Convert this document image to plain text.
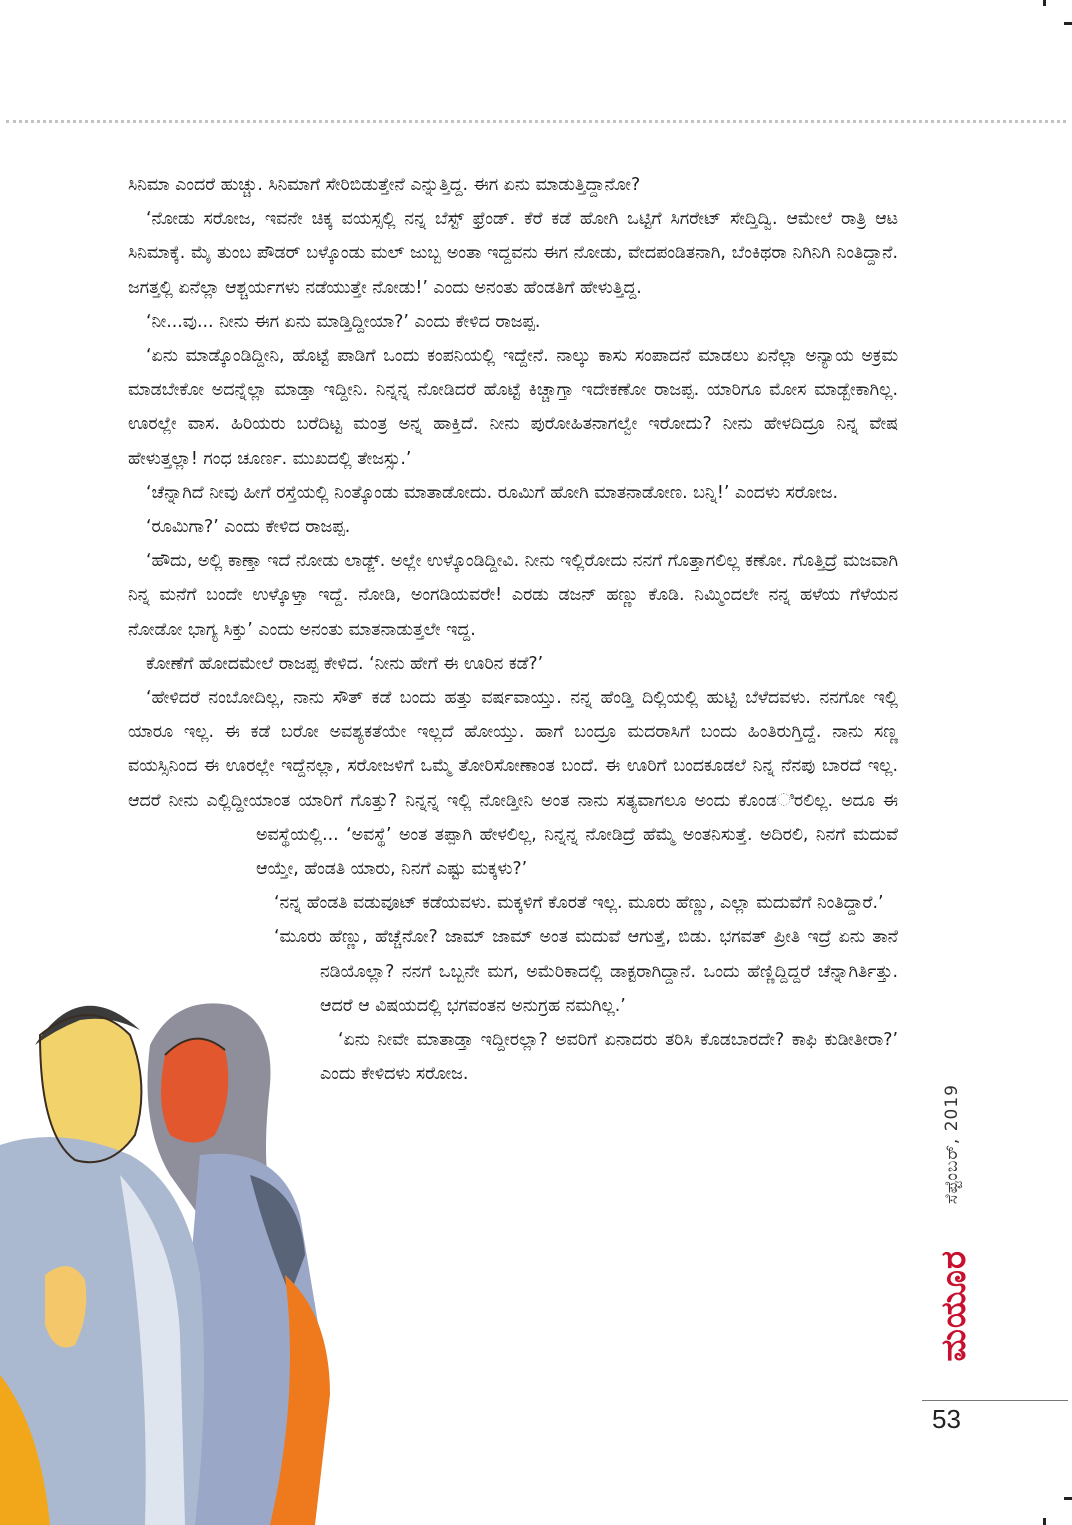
ಸಿನಿಮಾ ಎಂದರೆ ಹುಚ್ಚು. ಸಿನಿಮಾಗೆ ಸೇರಿಬಿಡುತ್ತೇನೆ ಎನ್ನುತ್ತಿದ್ದ. ಈಗ ಏನು ಮಾಡುತ್ತಿದ್ದಾನೋ?

‘ನೋಡು ಸರೋಜ, ಇವನೇ ಚಿಕ್ಕ ವಯಸ್ಸಲ್ಲಿ ನನ್ನ ಬೆಸ್ಟ್ ಫ್ರೆಂಡ್. ಕೆರೆ ಕಡೆ ಹೋಗಿ ಒಟ್ಟಿಗೆ ಸಿಗರೇಟ್ ಸೇದ್ತಿದ್ವಿ. ಆಮೇಲೆ ರಾತ್ರಿ ಆಟ ಸಿನಿಮಾಕ್ಕೆ. ಮೈ ತುಂಬ ಪೌಡರ್ ಬಳ್ಕೊಂಡು ಮಲ್ ಜುಬ್ಬ ಅಂತಾ ಇದ್ದವನು ಈಗ ನೋಡು, ವೇದಪಂಡಿತನಾಗಿ, ಬೆಂಕಿಥರಾ ನಿಗಿನಿಗಿ ನಿಂತಿದ್ದಾನೆ. ಜಗತ್ತಲ್ಲಿ ಏನೆಲ್ಲಾ ಆಶ್ಚರ್ಯಗಳು ನಡೆಯುತ್ತೇ ನೋಡು!’ ಎಂದು ಅನಂತು ಹೆಂಡತಿಗೆ ಹೇಳುತ್ತಿದ್ದ.

‘ನೀ...ವು... ನೀನು ಈಗ ಏನು ಮಾಡ್ತಿದ್ದೀಯಾ?’ ಎಂದು ಕೇಳಿದ ರಾಜಪ್ಪ.

‘ಏನು ಮಾಡ್ಕೊಂಡಿದ್ದೀನಿ, ಹೊಟ್ಟೆ ಪಾಡಿಗೆ ಒಂದು ಕಂಪನಿಯಲ್ಲಿ ಇದ್ದೇನೆ. ನಾಲ್ಕು ಕಾಸು ಸಂಪಾದನೆ ಮಾಡಲು ಏನೆಲ್ಲಾ ಅನ್ಯಾಯ ಅಕ್ರಮ ಮಾಡಬೇಕೋ ಅದನ್ನೆಲ್ಲಾ ಮಾಡ್ತಾ ಇದ್ದೀನಿ. ನಿನ್ನನ್ನ ನೋಡಿದರೆ ಹೊಟ್ಟೆ ಕಿಚ್ಚಾಗ್ತಾ ಇದೇಕಣೋ ರಾಜಪ್ಪ. ಯಾರಿಗೂ ಮೋಸ ಮಾಡ್ಬೇಕಾಗಿಲ್ಲ. ಊರಲ್ಲೇ ವಾಸ. ಹಿರಿಯರು ಬರೆದಿಟ್ಟ ಮಂತ್ರ ಅನ್ನ ಹಾಕ್ತಿದೆ. ನೀನು ಪುರೋಹಿತನಾಗಲ್ವೇ ಇರೋದು? ನೀನು ಹೇಳದಿದ್ರೂ ನಿನ್ನ ವೇಷ ಹೇಳುತ್ತಲ್ಲಾ! ಗಂಧ ಚೂರ್ಣ. ಮುಖದಲ್ಲಿ ತೇಜಸ್ಸು.’

‘ಚೆನ್ನಾಗಿದೆ ನೀವು ಹೀಗೆ ರಸ್ತೆಯಲ್ಲಿ ನಿಂತ್ಕೊಂಡು ಮಾತಾಡೋದು. ರೂಮಿಗೆ ಹೋಗಿ ಮಾತನಾಡೋಣ. ಬನ್ನಿ!’ ಎಂದಳು ಸರೋಜ.

‘ರೂಮಿಗಾ?’ ಎಂದು ಕೇಳಿದ ರಾಜಪ್ಪ.

‘ಹೌದು, ಅಲ್ಲಿ ಕಾಣ್ತಾ ಇದೆ ನೋಡು ಲಾಡ್ಜ್. ಅಲ್ಲೇ ಉಳ್ಕೊಂಡಿದ್ದೀವಿ. ನೀನು ಇಲ್ಲಿರೋದು ನನಗೆ ಗೊತ್ತಾಗಲಿಲ್ಲ ಕಣೋ. ಗೊತ್ತಿದ್ರೆ ಮಜವಾಗಿ ನಿನ್ನ ಮನೆಗೆ ಬಂದೇ ಉಳ್ಕೊಳ್ತಾ ಇದ್ದೆ. ನೋಡಿ, ಅಂಗಡಿಯವರೇ! ಎರಡು ಡಜನ್ ಹಣ್ಣು ಕೊಡಿ. ನಿಮ್ಮಿಂದಲೇ ನನ್ನ ಹಳೆಯ ಗೆಳೆಯನ ನೋಡೋ ಭಾಗ್ಯ ಸಿಕ್ತು’ ಎಂದು ಅನಂತು ಮಾತನಾಡುತ್ತಲೇ ಇದ್ದ.

ಕೋಣೆಗೆ ಹೋದಮೇಲೆ ರಾಜಪ್ಪ ಕೇಳಿದ. ‘ನೀನು ಹೇಗೆ ಈ ಊರಿನ ಕಡೆ?’

‘ಹೇಳಿದರೆ ನಂಬೋದಿಲ್ಲ, ನಾನು ಸೌತ್ ಕಡೆ ಬಂದು ಹತ್ತು ವರ್ಷವಾಯ್ತು. ನನ್ನ ಹೆಂಡ್ತಿ ದಿಲ್ಲಿಯಲ್ಲಿ ಹುಟ್ಟಿ ಬೆಳೆದವಳು. ನನಗೋ ಇಲ್ಲಿ ಯಾರೂ ಇಲ್ಲ. ಈ ಕಡೆ ಬರೋ ಅವಶ್ಯಕತೆಯೇ ಇಲ್ಲದೆ ಹೋಯ್ತು. ಹಾಗೆ ಬಂದ್ರೂ ಮದರಾಸಿಗೆ ಬಂದು ಹಿಂತಿರುಗ್ತಿದ್ದೆ. ನಾನು ಸಣ್ಣ ವಯಸ್ಸಿನಿಂದ ಈ ಊರಲ್ಲೇ ಇದ್ದೆನಲ್ಲಾ, ಸರೋಜಳಿಗೆ ಒಮ್ಮೆ ತೋರಿಸೋಣಾಂತ ಬಂದೆ. ಈ ಊರಿಗೆ ಬಂದಕೂಡಲೆ ನಿನ್ನ ನೆನಪು ಬಾರದೆ ಇಲ್ಲ. ಆದರೆ ನೀನು ಎಲ್ಲಿದ್ದೀಯಾಂತ ಯಾರಿಗೆ ಗೊತ್ತು? ನಿನ್ನನ್ನ ಇಲ್ಲಿ ನೋಡ್ತೀನಿ ಅಂತ ನಾನು ಸತ್ಯವಾಗಲೂ ಅಂದು ಕೊಂಡ
ಿರಲಿಲ್ಲ. ಅದೂ ಈ ಅವಸ್ಥೆಯಲ್ಲಿ... ‘ಅವಸ್ಥೆ’ ಅಂತ ತಪ್ಪಾಗಿ ಹೇಳಲಿಲ್ಲ, ನಿನ್ನನ್ನ ನೋಡಿದ್ರೆ ಹೆಮ್ಮೆ ಅಂತನಿಸುತ್ತೆ. ಅದಿರಲಿ, ನಿನಗೆ ಮದುವೆ ಆಯ್ತೇ, ಹೆಂಡತಿ ಯಾರು, ನಿನಗೆ ಎಷ್ಟು ಮಕ್ಕಳು?’

‘ನನ್ನ ಹೆಂಡತಿ ವಡುವೂಟ್ ಕಡೆಯವಳು. ಮಕ್ಕಳಿಗೆ ಕೊರತೆ ಇಲ್ಲ. ಮೂರು ಹೆಣ್ಣು, ಎಲ್ಲಾ ಮದುವೆಗೆ ನಿಂತಿದ್ದಾರೆ.’

‘ಮೂರು ಹೆಣ್ಣು, ಹೆಚ್ಚೆನೋ? ಜಾಮ್ ಜಾಮ್ ಅಂತ ಮದುವೆ ಆಗುತ್ತೆ, ಬಿಡು. ಭಗವತ್ ಪ್ರೀತಿ ಇದ್ರೆ ಏನು ತಾನೆ ನಡಿಯೊಲ್ಲಾ? ನನಗೆ ಒಬ್ಬನೇ ಮಗ, ಅಮೆರಿಕಾದಲ್ಲಿ ಡಾಕ್ಟರಾಗಿದ್ದಾನೆ. ಒಂದು ಹೆಣ್ಣಿದ್ದಿದ್ದರೆ ಚೆನ್ನಾಗಿರ್ತಿತ್ತು. ಆದರೆ ಆ ವಿಷಯದಲ್ಲಿ ಭಗವಂತನ ಅನುಗ್ರಹ ನಮಗಿಲ್ಲ.’

‘ಏನು ನೀವೇ ಮಾತಾಡ್ತಾ ಇದ್ದೀರಲ್ಲಾ? ಅವರಿಗೆ ಏನಾದರು ತರಿಸಿ ಕೊಡಬಾರದೇ? ಕಾಫಿ ಕುಡೀತೀರಾ?’ ಎಂದು ಕೇಳಿದಳು ಸರೋಜ.

ಸೆಪ್ಟೆಂಬರ್, 2019
ಮಯೂರ
53
